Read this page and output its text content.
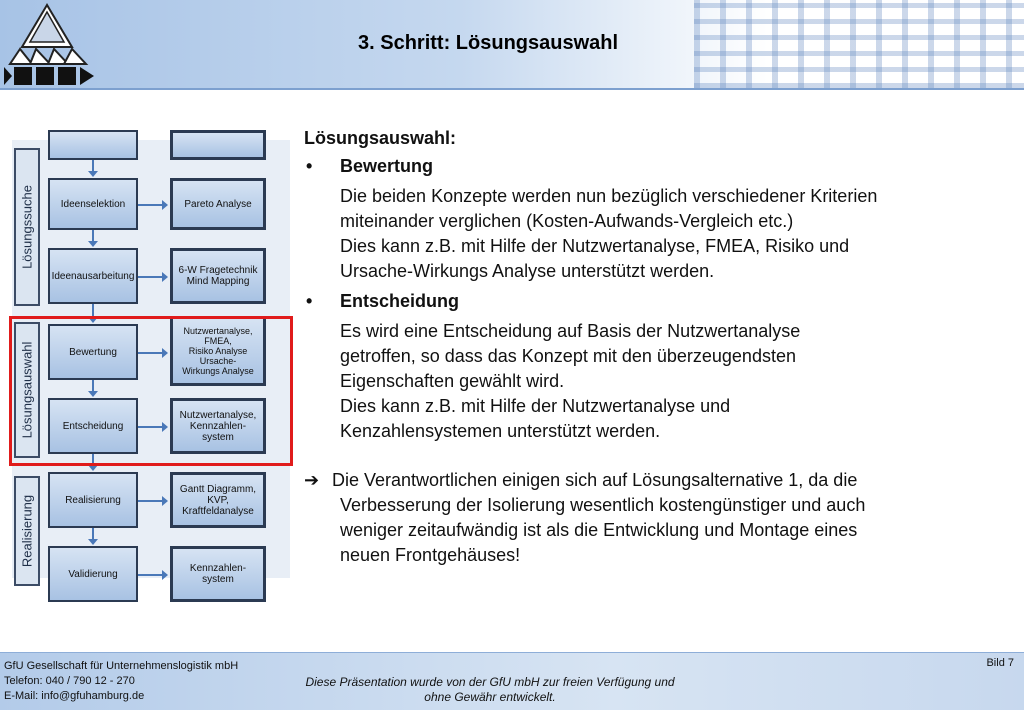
3. Schritt: Lösungsauswahl
Lösungssuche
Lösungsauswahl
Realisierung
Ideenselektion	Pareto Analyse
Ideenausarbeitung	6-W Fragetechnik
Mind Mapping
Bewertung
Nutzwertanalyse,
FMEA,
Risiko Analyse
Ursache-
Wirkungs Analyse
Entscheidung
Nutzwertanalyse,
Kennzahlen-
system
Realisierung
Gantt Diagramm,
KVP,
Kraftfeldanalyse
Validierung	Kennzahlen-
system
Lösungsauswahl:
• Bewertung
Die beiden Konzepte werden nun bezüglich verschiedener Kriterien
miteinander verglichen (Kosten-Aufwands-Vergleich etc.)
Dies kann z.B. mit Hilfe der Nutzwertanalyse, FMEA, Risiko und
Ursache-Wirkungs Analyse unterstützt werden.
• Entscheidung
Es wird eine Entscheidung auf Basis der Nutzwertanalyse
getroffen, so dass das Konzept mit den überzeugendsten
Eigenschaften gewählt wird.
Dies kann z.B. mit Hilfe der Nutzwertanalyse und
Kenzahlensystemen unterstützt werden.
➔ Die Verantwortlichen einigen sich auf Lösungsalternative 1, da die
Verbesserung der Isolierung wesentlich kostengünstiger und auch
weniger zeitaufwändig ist als die Entwicklung und Montage eines
neuen Frontgehäuses!
GfU Gesellschaft für Unternehmenslogistik mbH
Telefon: 040 / 790 12 - 270
E-Mail: info@gfuhamburg.de
Diese Präsentation wurde von der GfU mbH zur freien Verfügung und
ohne Gewähr entwickelt.
Bild 7
